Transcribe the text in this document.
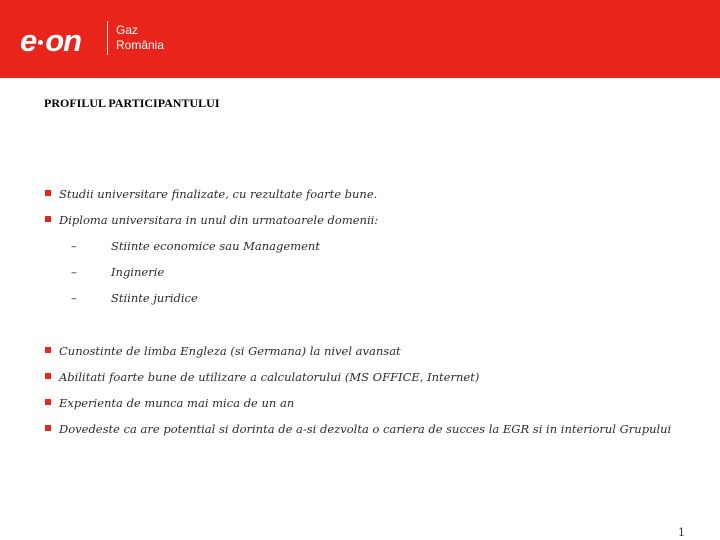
e on	Gaz
România
PROFILUL PARTICIPANTULUI
Studii universitare finalizate, cu rezultate foarte bune.
Diploma universitara in unul din urmatoarele domenii:
–	Stiinte economice sau Management
–	Inginerie
–	Stiinte juridice
Cunostinte de limba Engleza (si Germana) la nivel avansat
Abilitati foarte bune de utilizare a calculatorului (MS OFFICE, Internet)
Experienta de munca mai mica de un an
Dovedeste ca are potential si dorinta de a-si dezvolta o cariera de succes la EGR si in interiorul Grupului
1
